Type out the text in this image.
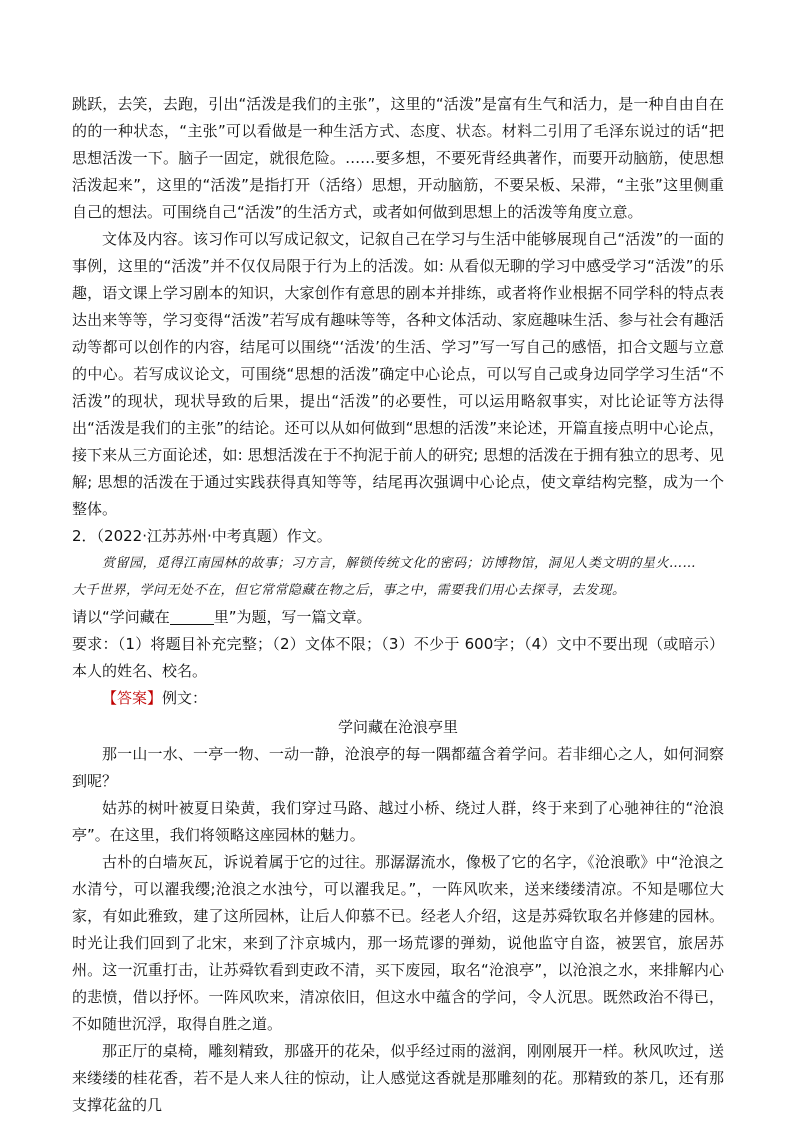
跳跃，去笑，去跑，引出“活泼是我们的主张”，这里的“活泼”是富有生气和活力，是一种自由自在的的一种状态，“主张”可以看做是一种生活方式、态度、状态。材料二引用了毛泽东说过的话“把思想活泼一下。脑子一固定，就很危险。……要多想，不要死背经典著作，而要开动脑筋，使思想活泼起来”，这里的“活泼”是指打开（活络）思想，开动脑筋，不要呆板、呆滞，“主张”这里侧重自己的想法。可围绕自己“活泼”的生活方式，或者如何做到思想上的活泼等角度立意。

文体及内容。该习作可以写成记叙文，记叙自己在学习与生活中能够展现自己“活泼”的一面的事例，这里的“活泼”并不仅仅局限于行为上的活泼。如: 从看似无聊的学习中感受学习“活泼”的乐趣，语文课上学习剧本的知识，大家创作有意思的剧本并排练，或者将作业根据不同学科的特点表达出来等等，学习变得“活泼”若写成有趣味等等，各种文体活动、家庭趣味生活、参与社会有趣活动等都可以创作的内容，结尾可以围绕“‘活泼’的生活、学习”写一写自己的感悟，扣合文题与立意的中心。若写成议论文，可围绕“思想的活泼”确定中心论点，可以写自己或身边同学学习生活“不活泼”的现状，现状导致的后果，提出“活泼”的必要性，可以运用略叙事实，对比论证等方法得出“活泼是我们的主张”的结论。还可以从如何做到“思想的活泼”来论述，开篇直接点明中心论点，接下来从三方面论述，如: 思想活泼在于不拘泥于前人的研究; 思想的活泼在于拥有独立的思考、见解; 思想的活泼在于通过实践获得真知等等，结尾再次强调中心论点，使文章结构完整，成为一个整体。

2．（2022·江苏苏州·中考真题）作文。

赏留园，觅得江南园林的故事；习方言，解锁传统文化的密码；访博物馆，洞见人类文明的星火……

大千世界，学问无处不在，但它常常隐藏在物之后，事之中，需要我们用心去探寻，去发现。

请以“学问藏在	里”为题，写一篇文章。

要求：（1）将题目补充完整；（2）文体不限；（3）不少于 600字；（4）文中不要出现（或暗示）本人的姓名、校名。

【答案】例文：

学问藏在沧浪亭里

那一山一水、一亭一物、一动一静，沧浪亭的每一隅都蕴含着学问。若非细心之人，如何洞察到呢？

姑苏的树叶被夏日染黄，我们穿过马路、越过小桥、绕过人群，终于来到了心驰神往的“沧浪亭”。在这里，我们将领略这座园林的魅力。

古朴的白墙灰瓦，诉说着属于它的过往。那潺潺流水，像极了它的名字，《沧浪歌》中“沧浪之水清兮，可以濯我缨;沧浪之水浊兮，可以濯我足。”，一阵风吹来，送来缕缕清凉。不知是哪位大家，有如此雅致，建了这所园林，让后人仰慕不已。经老人介绍，这是苏舜钦取名并修建的园林。时光让我们回到了北宋，来到了汴京城内，那一场荒谬的弹劾，说他监守自盗，被罢官，旅居苏州。这一沉重打击，让苏舜钦看到吏政不清，买下废园，取名“沧浪亭”，以沧浪之水，来排解内心的悲愤，借以抒怀。一阵风吹来，清凉依旧，但这水中蕴含的学问，令人沉思。既然政治不得已，不如随世沉浮，取得自胜之道。

那正厅的桌椅，雕刻精致，那盛开的花朵，似乎经过雨的滋润，刚刚展开一样。秋风吹过，送来缕缕的桂花香，若不是人来人往的惊动，让人感觉这香就是那雕刻的花。那精致的茶几，还有那支撑花盆的几
